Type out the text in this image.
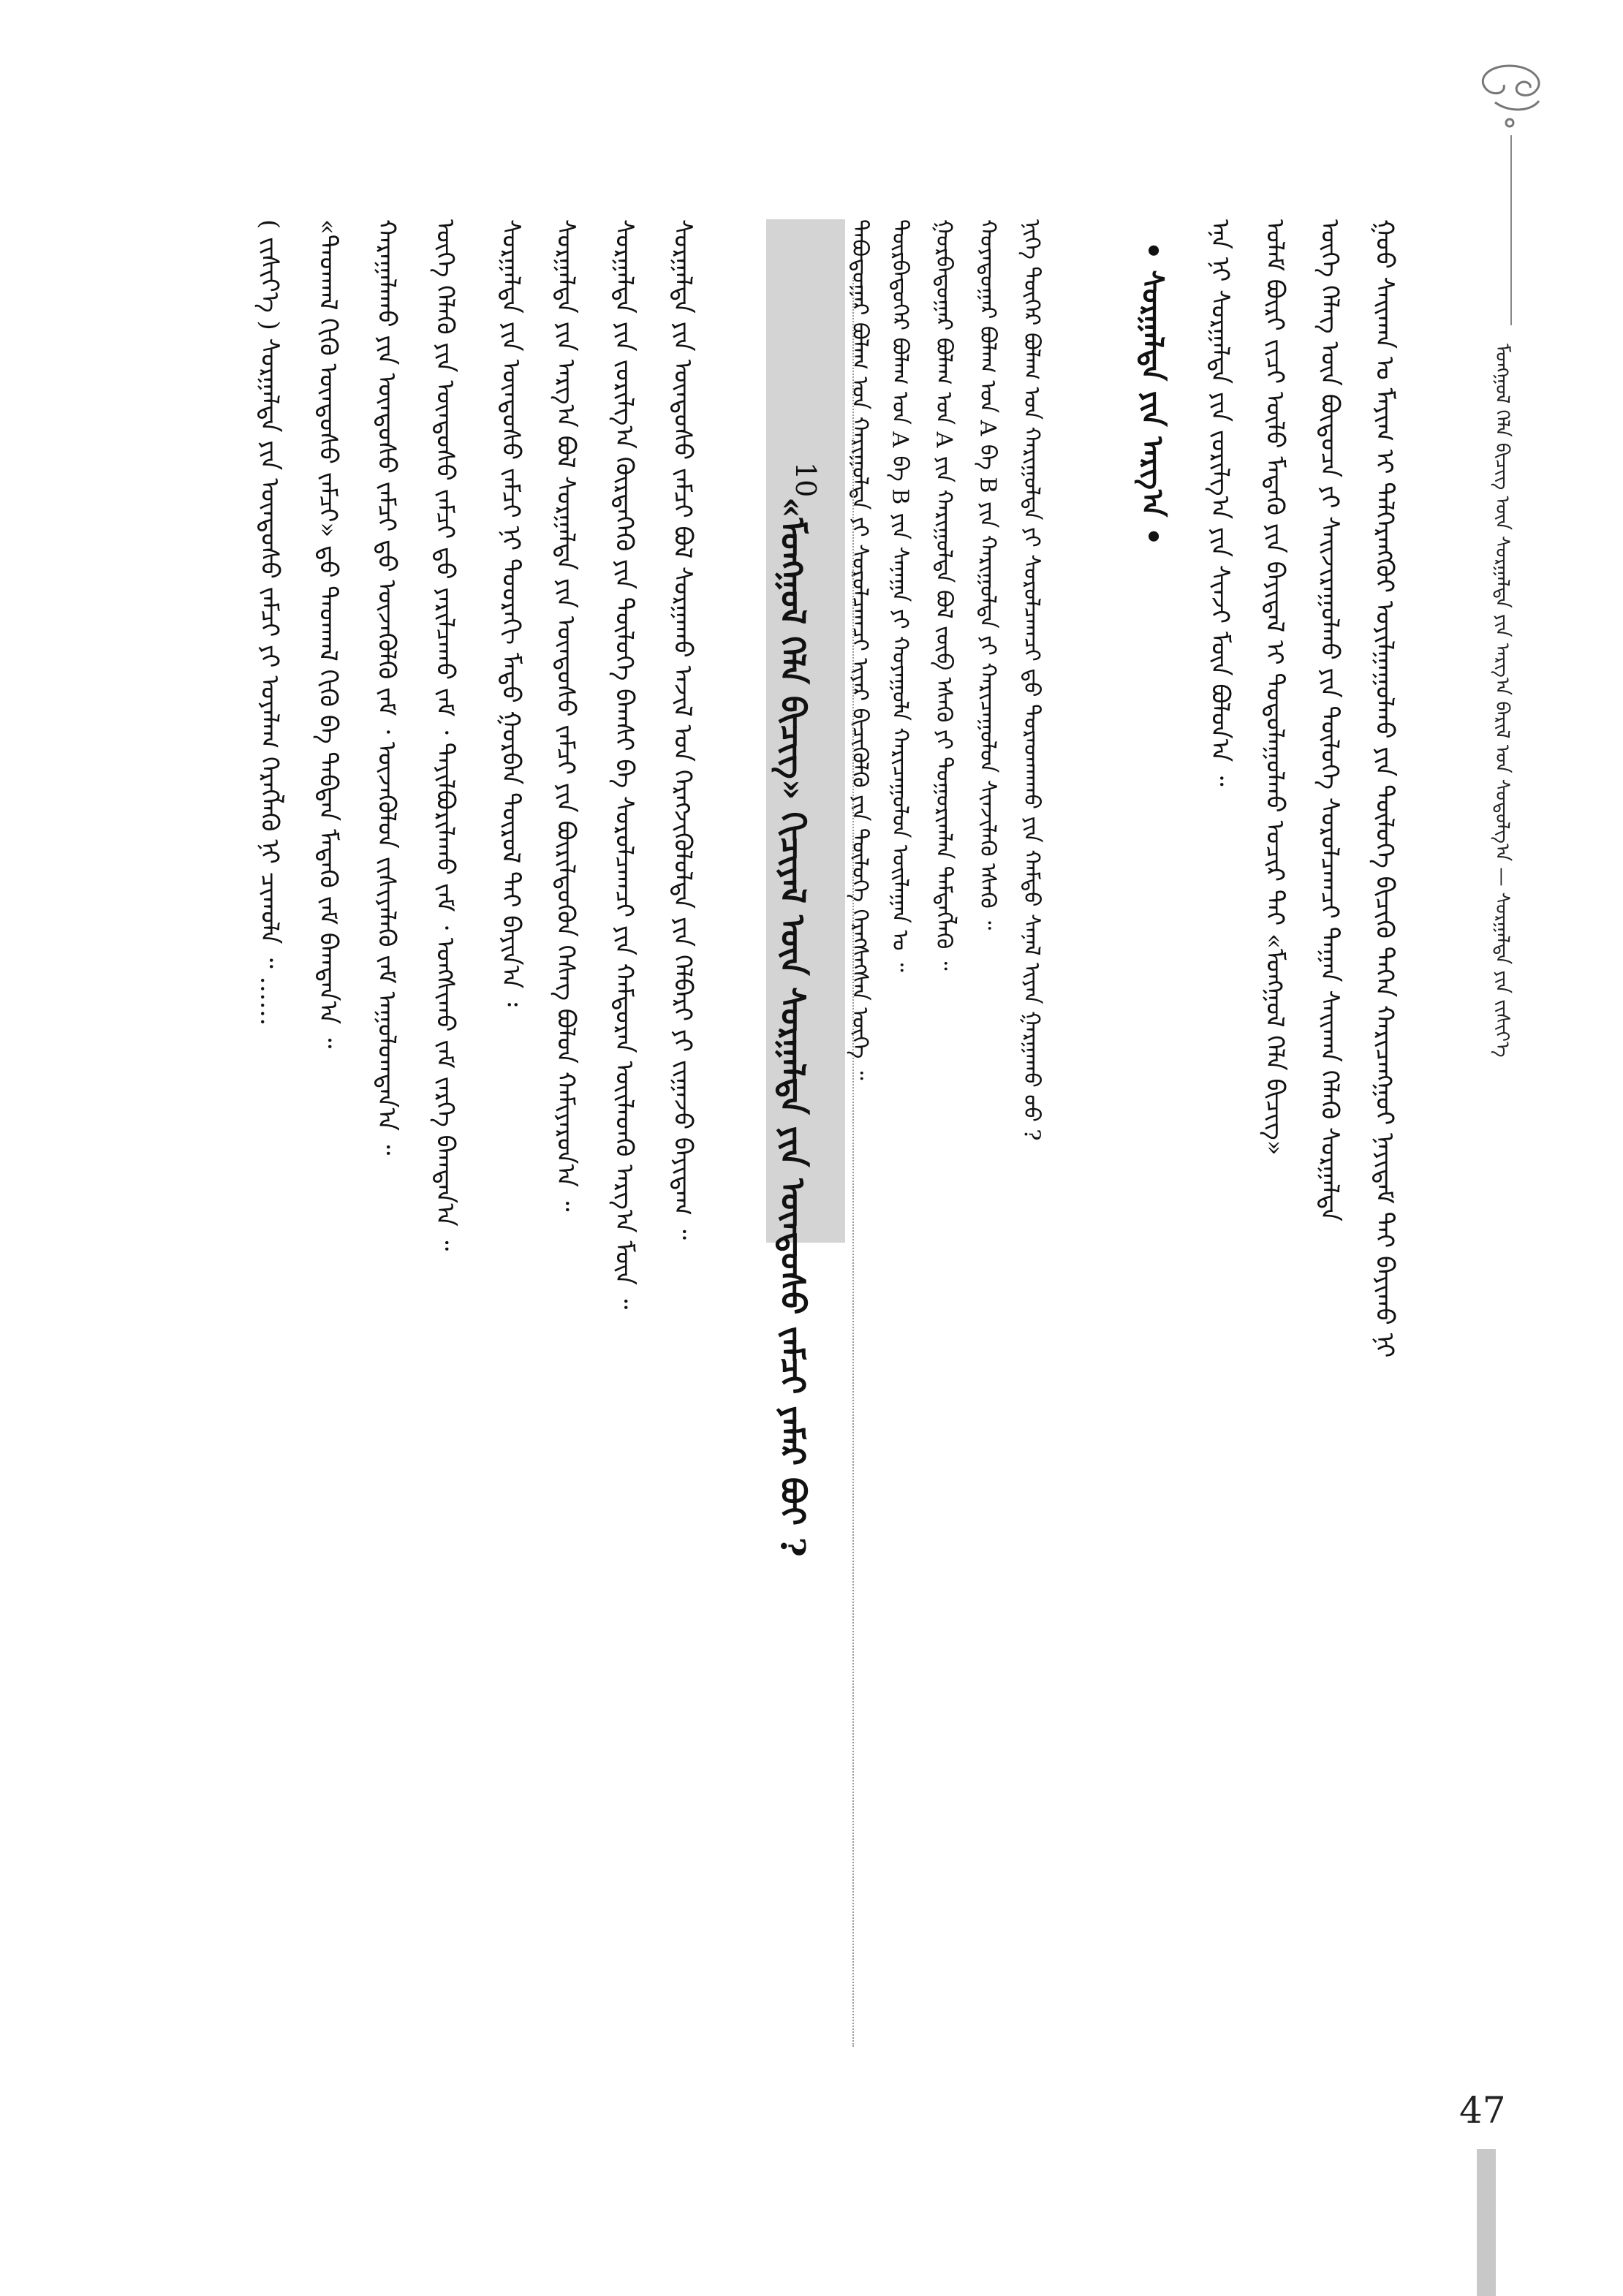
ᠮᠣᠩᠭᠣᠯ ᠬᠡᠯᠡ ᠪᠢᠴᠢᠭ ᠦᠨ ᠰᠤᠷᠭᠠᠯᠲᠠ ᠶᠢᠨ ᠠᠷᠭ᠎ᠠ ᠪᠠᠷᠢᠯ ᠤᠨ ᠰᠤᠳᠤᠯᠭ᠎ᠠ — ᠰᠤᠷᠭᠠᠯᠲᠠ ᠶᠢᠨ ᠵᠢᠱᠢᠶ᠎ᠡ
ᠭᠣᠣ ᠰᠠᠢᠬᠠᠨ ᠤ ᠮᠠᠶᠢᠭ ᠢ ᠳᠡᠯᠭᠡᠷᠡᠩᠭᠦᠢ ᠣᠶᠢᠯᠭᠠᠭᠤᠯᠬᠤ ᠶᠢᠨ ᠲᠥᠯᠥᠭᠡ ᠪᠢᠴᠢᠬᠦ ᠳᠡᠭᠡᠨ ᠬᠠᠷᠢᠴᠠᠩᠭᠤᠢ ᠨᠠᠶᠢᠳᠠᠮ ᠲᠠᠢ ᠪᠠᠶᠢᠬᠤ ᠨᠢ
ᠦᠭᠡ ᠬᠡᠯᠡᠭ ᠦᠨ ᠪᠦᠲᠦᠴᠡ ᠶᠢ ᠰᠠᠢᠵᠢᠷᠠᠭᠤᠯᠬᠤ ᠶᠢᠨ ᠲᠥᠯᠥᠭᠡ ᠰᠤᠷᠤᠯᠴᠠᠭᠴᠢ ᠳᠠᠭᠠᠨ ᠰᠠᠢᠬᠠᠨ ᠬᠡᠯᠡᠬᠦ ᠰᠤᠷᠭᠠᠯᠲᠠ
ᠤᠯᠠᠮ ᠪᠦᠷᠢ ᠵᠢᠴᠢ ᠦᠯᠦ ᠮᠡᠳᠡᠬᠦ ᠶᠢᠨ ᠪᠠᠶᠢᠳᠠᠯ ᠢ ᠲᠣᠳᠣᠯᠠᠭᠤᠯᠬᠤ ᠤᠴᠢᠷ ᠲᠠᠢ «ᠮᠣᠩᠭᠣᠯ ᠬᠡᠯᠡ ᠪᠢᠴᠢᠭ»
ᠡᠨᠡ ᠨᠢ ᠰᠤᠷᠭᠠᠯᠲᠠ ᠶᠢᠨ ᠵᠣᠷᠢᠯᠭ᠎ᠠ ᠶᠢᠨ ᠰᠢᠨᠵᠢ ᠮᠥᠨ ᠪᠣᠯᠤᠨ᠎ᠠ ᠃
• ᠰᠤᠷᠭᠠᠯᠲᠠ ᠶᠢᠨ ᠠᠷᠭ᠎ᠠ •
ᠨᠢᠭᠡ ᠳᠦᠭᠡᠷ ᠪᠤᠯᠠᠭ ᠤᠨ ᠬᠠᠷᠢᠭᠤᠯᠲᠠ ᠶᠢ ᠰᠤᠷᠤᠯᠴᠠᠭᠴᠢ ᠳ᠋ᠤ ᠳᠤᠷᠠᠳᠬᠠᠬᠤ ᠶᠢᠨ ᠬᠠᠮᠲᠤ ᠰᠠᠨᠠᠯ ᠢᠶᠠᠨ ᠭᠠᠷᠭᠠᠬᠤ ᠤᠤ ?
ᠬᠣᠶᠠᠳᠤᠭᠠᠷ ᠪᠤᠯᠠᠭ ᠤᠨ A ᠪᠠ B ᠶᠢᠨ ᠬᠠᠷᠢᠭᠤᠯᠲᠠ ᠶᠢ ᠬᠠᠷᠢᠴᠠᠭᠤᠯᠤᠨ ᠰᠢᠨᠵᠢᠯᠡᠬᠦ ᠡᠰᠡᠬᠦ ᠃
ᠭᠤᠷᠪᠠᠳᠤᠭᠠᠷ ᠪᠤᠯᠠᠭ ᠤᠨ A ᠶᠢᠨ ᠬᠠᠷᠢᠭᠤᠯᠲᠠ ᠪᠣᠯ ᠵᠥᠪ ᠡᠰᠡᠬᠦ ᠶᠢ ᠳᠤᠭᠤᠷᠢᠭᠯᠠᠨ ᠲᠡᠮᠳᠡᠭᠯᠡᠬᠦ ᠃
ᠳᠥᠷᠪᠡᠳᠦᠭᠡᠷ ᠪᠤᠯᠠᠭ ᠤᠨ A ᠪᠠ B ᠶᠢᠨ ᠰᠠᠨᠠᠭᠠ ᠶᠢ ᠬᠣᠶᠠᠭᠤᠯᠠ ᠬᠠᠷᠢᠴᠠᠭᠤᠯᠤᠨ ᠣᠢᠯᠠᠭᠠᠨ ᠤ ᠃
ᠲᠠᠪᠤᠳᠤᠭᠠᠷ ᠪᠤᠯᠠᠭ ᠤᠨ ᠬᠠᠷᠢᠭᠤᠯᠲᠠ ᠶᠢ ᠰᠤᠷᠤᠯᠴᠠᠭᠴᠢ ᠢᠶᠠᠷ ᠪᠢᠴᠢᠭᠦᠯᠬᠦ ᠶᠢᠨ ᠲᠥᠯᠥᠭᠡ ᠬᠡᠷᠡᠭᠰᠡᠭᠰᠡᠨ ᠦᠭᠡ ᠃
10
«ᠮᠣᠩᠭᠣᠯ ᠬᠡᠯᠡ ᠪᠢᠴᠢᠭ» ᠬᠢᠴᠢᠶᠡᠯ ᠦᠨ ᠰᠤᠷᠭᠠᠯᠲᠠ ᠶᠢᠨ ᠦᠨᠳᠦᠰᠦ ᠵᠠᠮᠴᠢ ᠶᠠᠮᠠᠷ ᠪᠤᠢ ?
ᠰᠤᠷᠭᠠᠯᠲᠠ ᠶᠢᠨ ᠦᠨᠳᠦᠰᠦ ᠵᠠᠮᠴᠢ ᠪᠣᠯ ᠰᠤᠷᠭᠠᠬᠤ ᠠᠵᠢᠯ ᠤᠨ ᠬᠡᠷᠡᠭᠵᠢᠭᠦᠯᠦᠯᠲᠡ ᠶᠢᠨ ᠬᠡᠯᠪᠡᠷᠢ ᠶᠢ ᠵᠢᠭᠠᠵᠤ ᠪᠠᠶᠢᠳᠠᠭ ᠃
ᠰᠤᠷᠭᠠᠯᠲᠠ ᠶᠢᠨ ᠵᠣᠷᠢᠯᠭ᠎ᠠ ᠬᠦᠷᠲᠡᠭᠡᠬᠦ ᠶᠢᠨ ᠲᠥᠯᠥᠭᠡ ᠪᠠᠭᠰᠢ ᠪᠠ ᠰᠤᠷᠤᠯᠴᠠᠭᠴᠢ ᠶᠢᠨ ᠬᠠᠮᠲᠤᠷᠠᠨ ᠦᠢᠯᠡᠳᠭᠦ ᠠᠷᠭ᠎ᠠ ᠮᠥᠨ ᠃
ᠰᠤᠷᠭᠠᠯᠲᠠ ᠶᠢᠨ ᠠᠷᠭ᠎ᠠ ᠪᠣᠯ ᠰᠤᠷᠭᠠᠯᠲᠠ ᠶᠢᠨ ᠦᠨᠳᠦᠰᠦ ᠵᠠᠮᠴᠢ ᠶᠢᠨ ᠪᠦᠷᠢᠯᠳᠦᠬᠦᠨ ᠬᠡᠰᠡᠭ ᠪᠣᠯᠤᠨ ᠬᠠᠮᠢᠶᠠᠷᠤᠨ᠎ᠠ ᠃
ᠰᠤᠷᠭᠠᠯᠲᠠ ᠶᠢᠨ ᠦᠨᠳᠦᠰᠦ ᠵᠠᠮᠴᠢ ᠨᠢ ᠳᠣᠣᠷᠠᠬᠢ ᠮᠡᠲᠦ ᠭᠤᠷᠪᠠᠨ ᠲᠥᠷᠦᠯ ᠲᠠᠢ ᠪᠠᠶᠢᠨ᠎ᠠ ᠄
ᠦᠭᠡ ᠬᠡᠯᠡᠬᠦ ᠶᠢᠨ ᠦᠨᠳᠦᠰᠦ ᠵᠠᠮᠴᠢ ᠳ᠋ᠤ ᠶᠠᠷᠢᠯᠴᠠᠬᠤ ᠵᠠᠮ ᠂ ᠲᠠᠶᠢᠯᠪᠤᠷᠢᠯᠠᠬᠤ ᠵᠠᠮ ᠂ ᠤᠩᠰᠢᠬᠤ ᠵᠠᠮ ᠵᠡᠷᠭᠡ ᠪᠠᠭᠲᠠᠨ᠎ᠠ ᠃
ᠬᠠᠷᠠᠭᠠᠯᠠᠬᠤ ᠶᠢᠨ ᠦᠨᠳᠦᠰᠦ ᠵᠠᠮᠴᠢ ᠳ᠋ᠤ ᠦᠵᠡᠭᠦᠯᠬᠦ ᠵᠠᠮ ᠂ ᠦᠵᠡᠭᠦᠯᠦᠨ ᠵᠢᠱᠢᠶᠡᠯᠡᠬᠦ ᠵᠠᠮ ᠠᠭᠤᠯᠤᠭᠳᠠᠨ᠎ᠠ ᠃
«ᠳᠠᠳᠬᠠᠯ ᠬᠢᠬᠦ ᠦᠨᠳᠦᠰᠦ ᠵᠠᠮᠴᠢ» ᠳ᠋ᠤ ᠳᠠᠳᠬᠠᠯ ᠬᠢᠬᠦ ᠪᠠ ᠳᠠᠪᠲᠠᠨ ᠮᠡᠳᠡᠬᠦ ᠵᠠᠮ ᠪᠠᠭᠲᠠᠨ᠎ᠠ ᠃
( ᠵᠢᠱᠢᠶ᠎ᠡ ) ᠰᠤᠷᠭᠠᠯᠲᠠ ᠶᠢᠨ ᠦᠨᠳᠦᠰᠦ ᠵᠠᠮᠴᠢ ᠶᠢ ᠤᠶᠠᠯᠠᠭ ᠬᠡᠷᠡᠭᠯᠡᠬᠦ ᠨᠢ ᠴᠢᠬᠤᠯᠠ ᠃ ……
47
